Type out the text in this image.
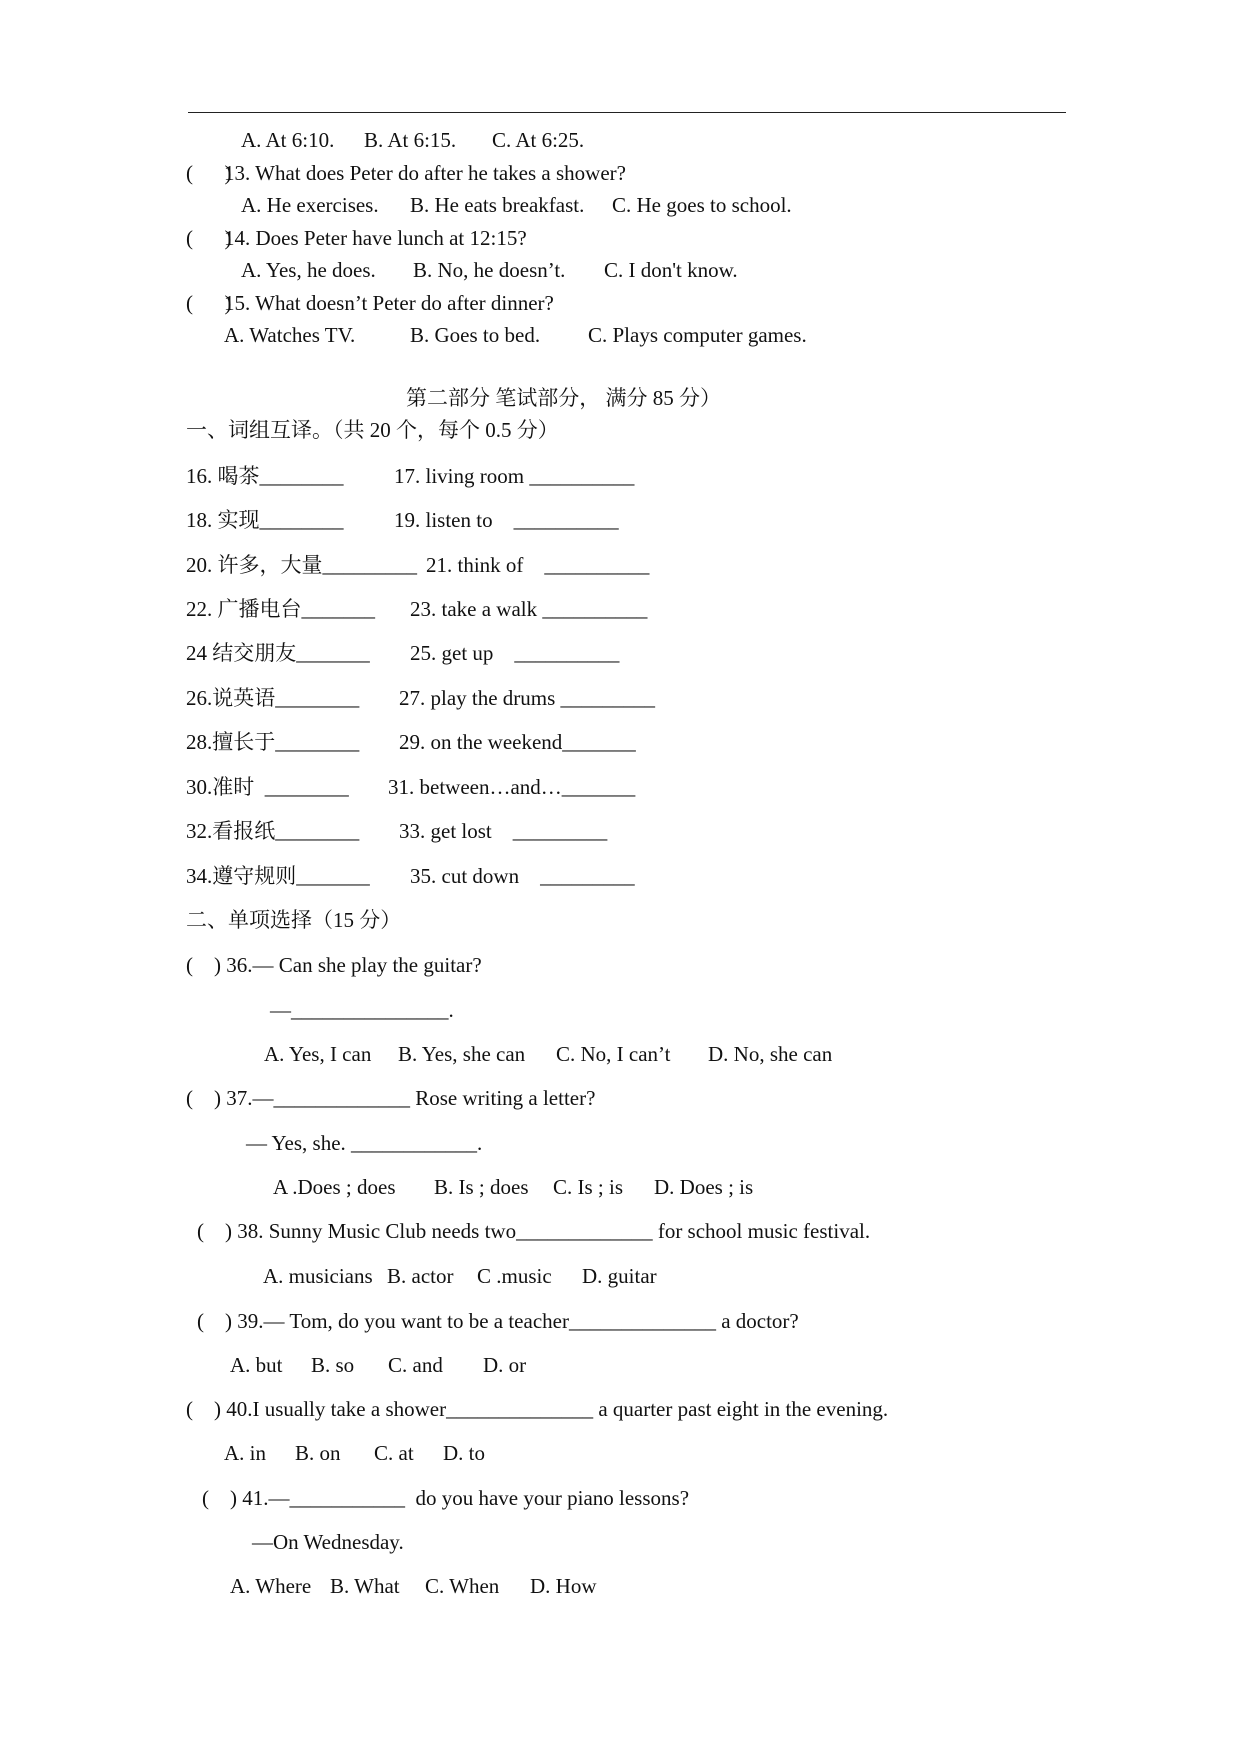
A. At 6:10. B. At 6:15. C. At 6:25.
(      )
13. What does Peter do after he takes a shower?
A. He exercises. B. He eats breakfast. C. He goes to school.
(      )
14. Does Peter have lunch at 12:15?
A. Yes, he does. B. No, he doesn’t. C. I don't know.
(      )
15. What doesn’t Peter do after dinner?
A. Watches TV.	B. Goes to bed. C. Plays computer games.
第二部分 笔试部分， 满分 85 分）
一、词组互译。（共 20 个，每个 0.5 分）
16. 喝茶________ 17. living room __________
18. 实现________ 19. listen to    __________
20. 许多，大量_________ 21. think of    __________
22. 广播电台_______ 23. take a walk __________
24 结交朋友_______ 25. get up    __________
26.说英语________ 27. play the drums _________
28.擅长于________ 29. on the weekend_______
30.准时  ________ 31. between…and…_______
32.看报纸________ 33. get lost    _________
34.遵守规则_______ 35. cut down    _________
二、单项选择（15 分）
(    ) 36.— Can she play the guitar?
—_______________.
A. Yes, I can B. Yes, she can C. No, I can’t D. No, she can
(    ) 37.—_____________ Rose writing a letter?
— Yes, she. ____________.
A .Does ; does B. Is ; does C. Is ; is D. Does ; is
(    ) 38. Sunny Music Club needs two_____________ for school music festival.
A. musicians B. actor C .music D. guitar
(    ) 39.— Tom, do you want to be a teacher______________ a doctor?
A. but B. so C. and D. or
(    ) 40.I usually take a shower______________ a quarter past eight in the evening.
A. in B. on C. at D. to
(    ) 41.—___________  do you have your piano lessons?
—On Wednesday.
A. Where B. What C. When D. How
